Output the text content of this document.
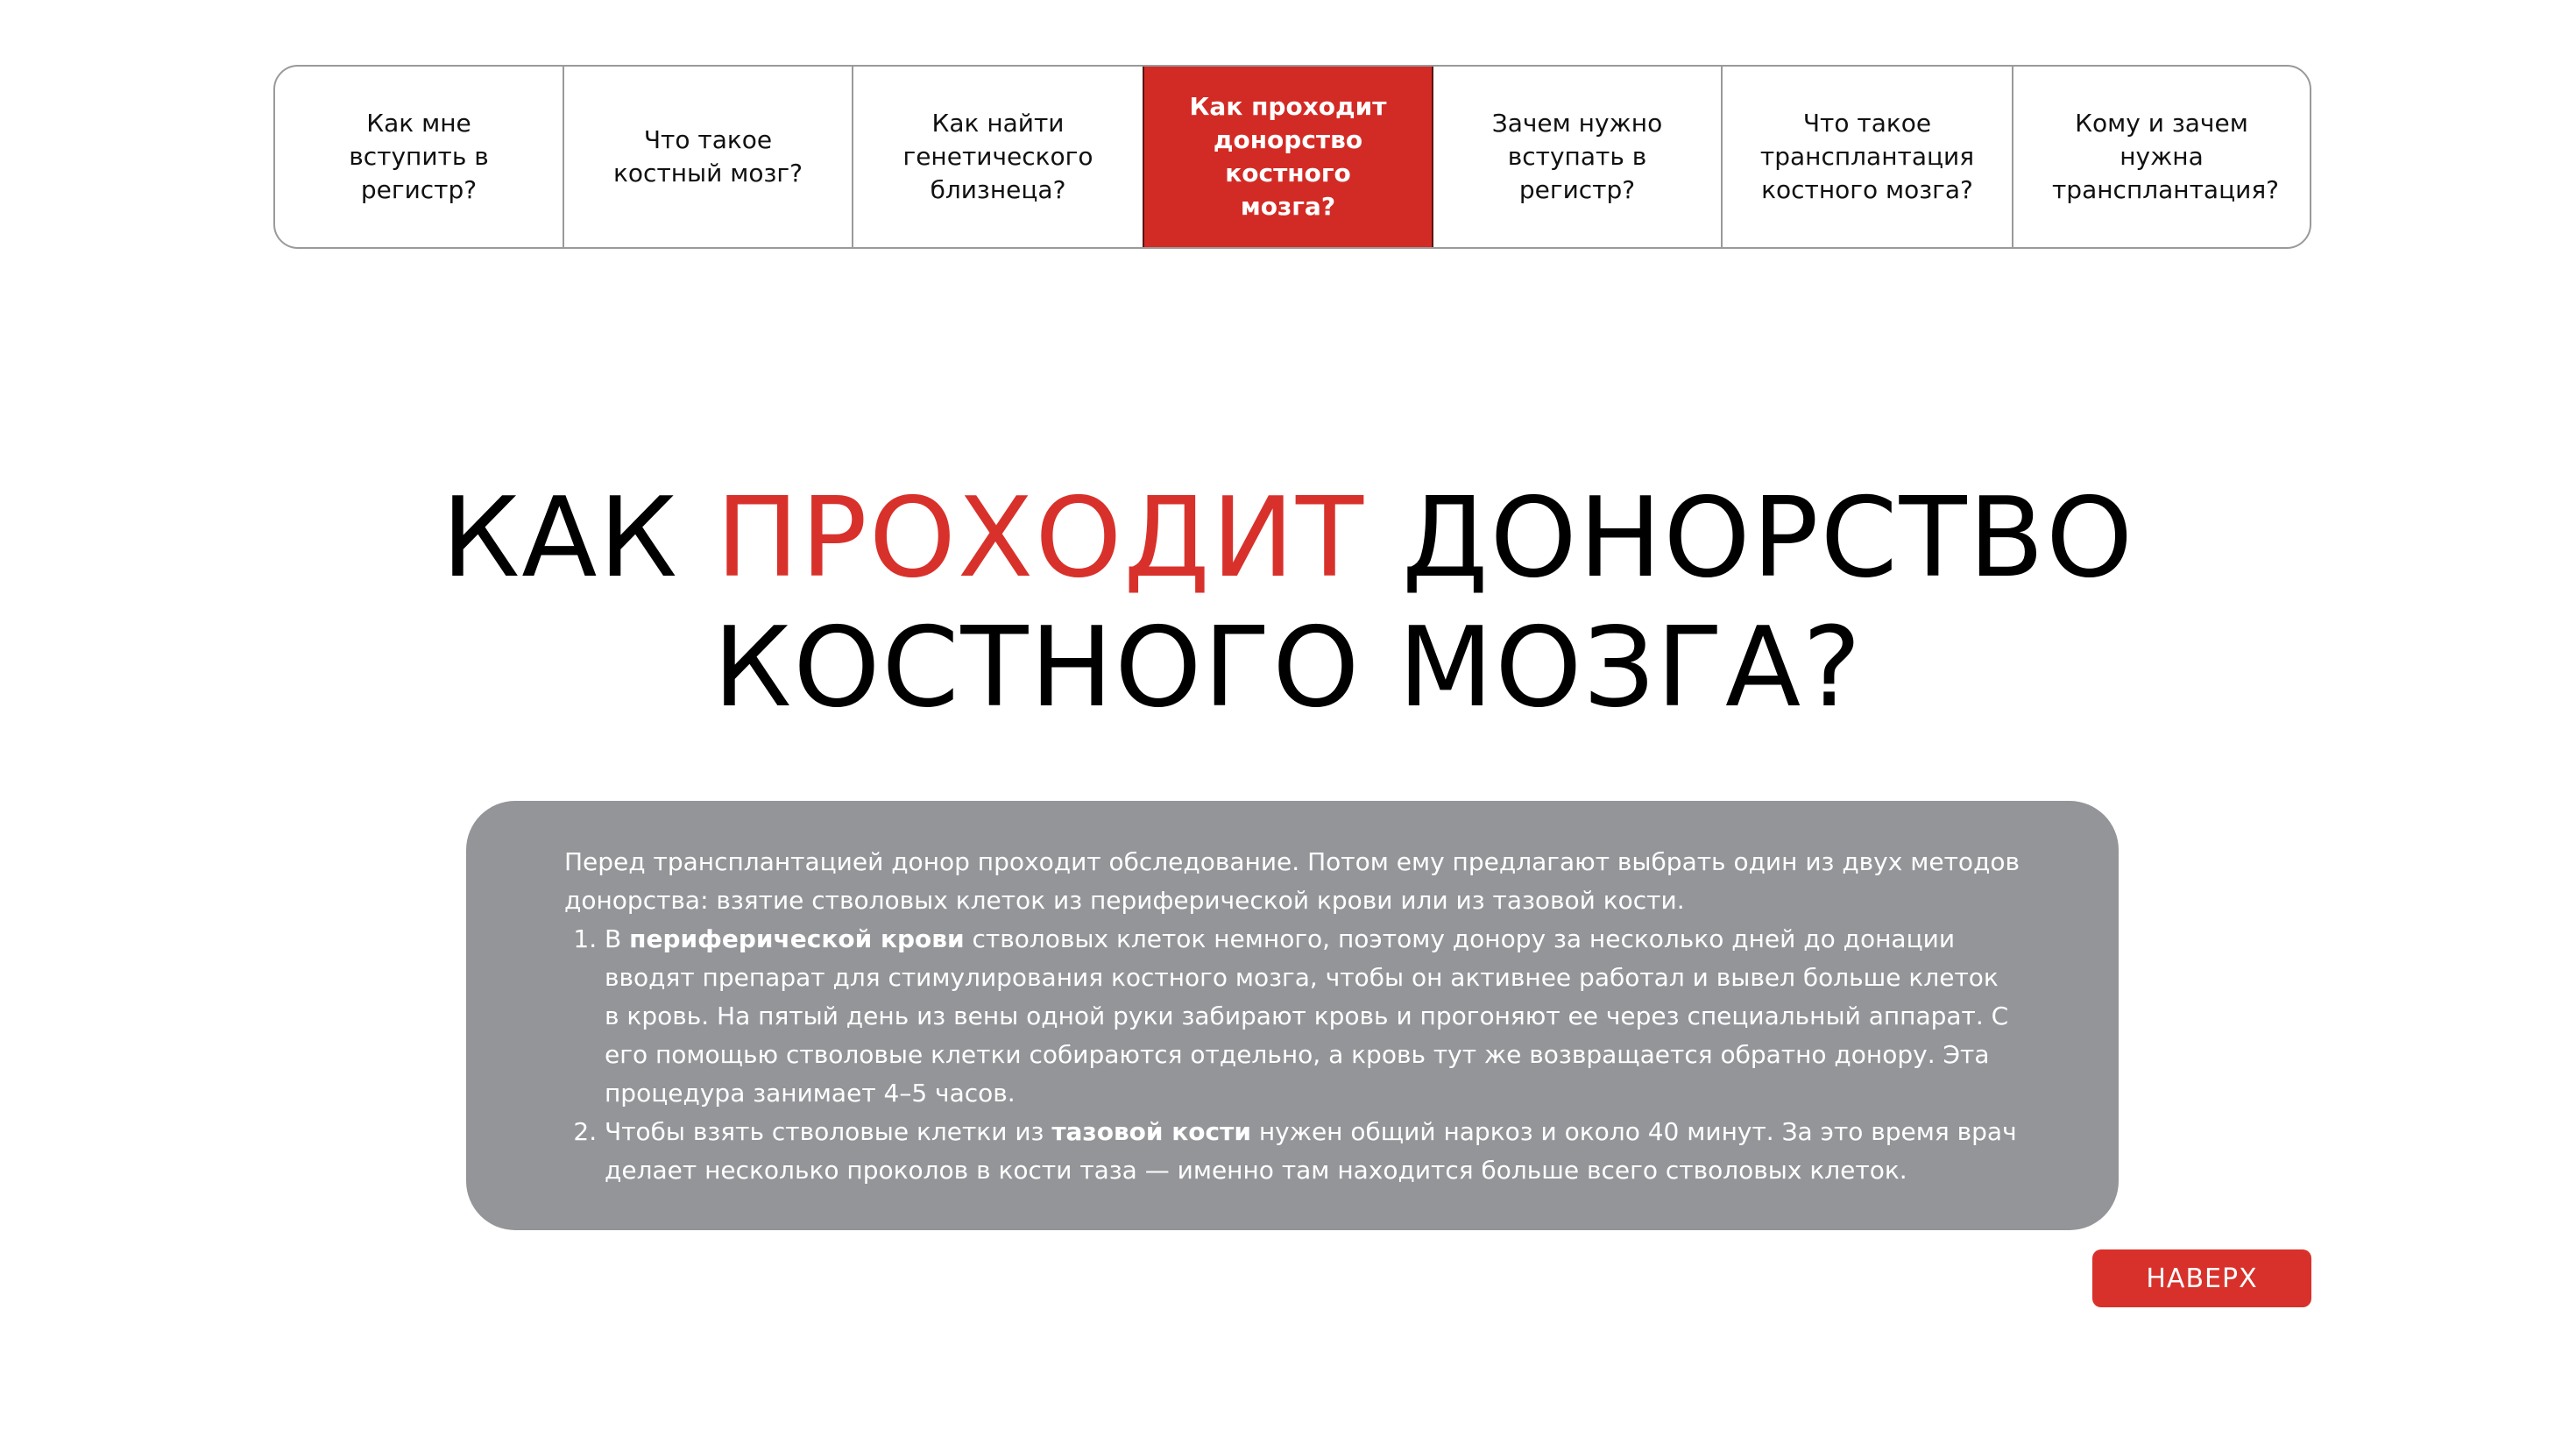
Как мне вступить в регистр?
Что такое костный мозг?
Как найти генетического близнеца?
Как проходит донорство костного мозга?
Зачем нужно вступать в регистр?
Что такое трансплантация костного мозга?
Кому и зачем нужна трансплантация?
КАК ПРОХОДИТ ДОНОРСТВО
КОСТНОГО МОЗГА?

Перед трансплантацией донор проходит обследование. Потом ему предлагают выбрать один из двух методов донорства: взятие стволовых клеток из периферической крови или из тазовой кости.

1. В периферической крови стволовых клеток немного, поэтому донору за несколько дней до донации вводят препарат для стимулирования костного мозга, чтобы он активнее работал и вывел больше клеток в кровь. На пятый день из вены одной руки забирают кровь и прогоняют ее через специальный аппарат. С его помощью стволовые клетки собираются отдельно, а кровь тут же возвращается обратно донору. Эта процедура занимает 4–5 часов.
2. Чтобы взять стволовые клетки из тазовой кости нужен общий наркоз и около 40 минут. За это время врач делает несколько проколов в кости таза — именно там находится больше всего стволовых клеток.
НАВЕРХ
